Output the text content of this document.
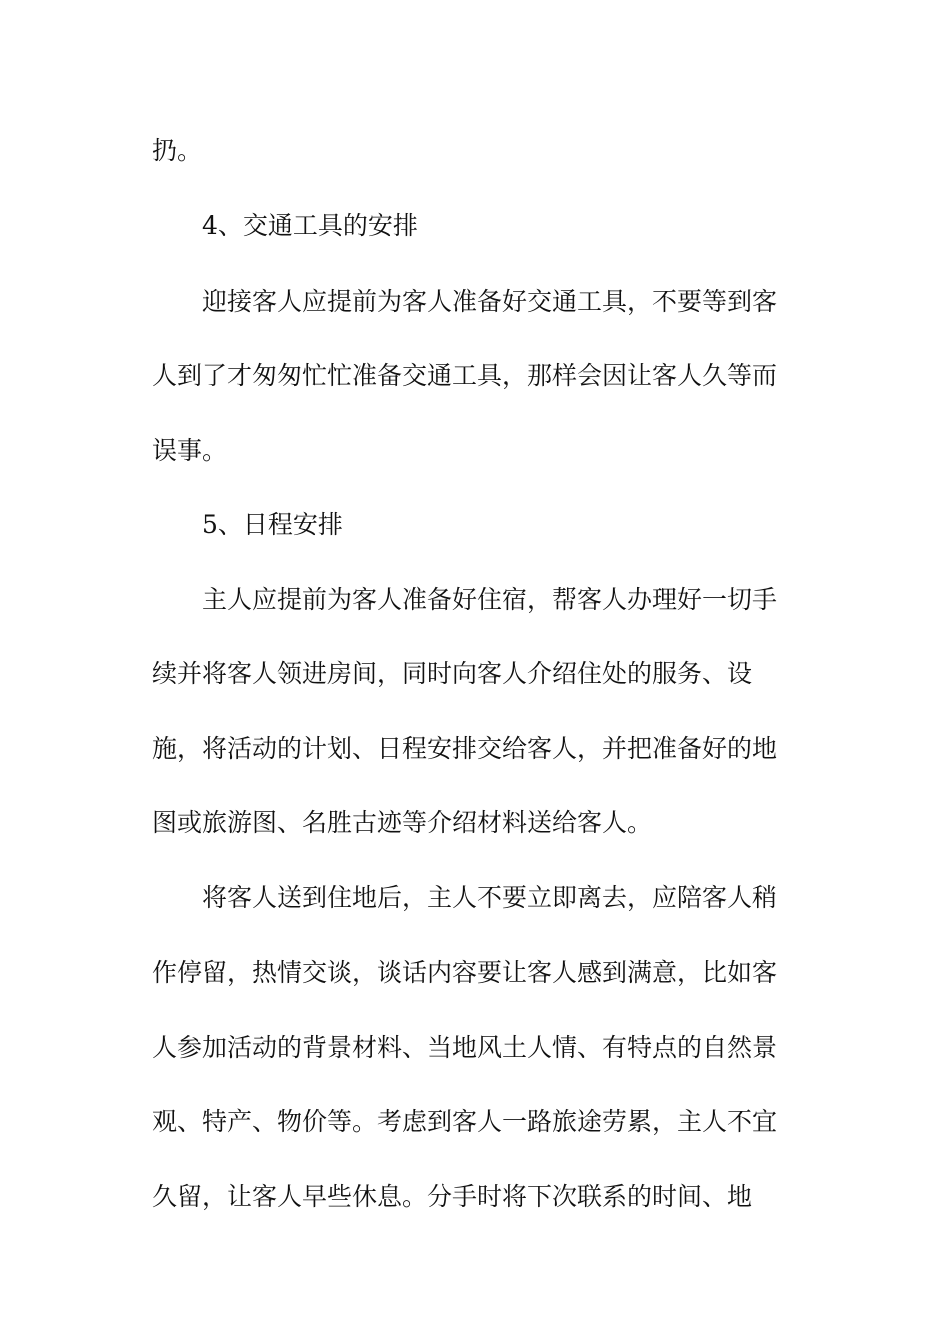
扔。
4、交通工具的安排
迎接客人应提前为客人准备好交通工具，不要等到客
人到了才匆匆忙忙准备交通工具，那样会因让客人久等而
误事。
5、日程安排
主人应提前为客人准备好住宿，帮客人办理好一切手
续并将客人领进房间，同时向客人介绍住处的服务、设
施，将活动的计划、日程安排交给客人，并把准备好的地
图或旅游图、名胜古迹等介绍材料送给客人。
将客人送到住地后，主人不要立即离去，应陪客人稍
作停留，热情交谈，谈话内容要让客人感到满意，比如客
人参加活动的背景材料、当地风土人情、有特点的自然景
观、特产、物价等。考虑到客人一路旅途劳累，主人不宜
久留，让客人早些休息。分手时将下次联系的时间、地
